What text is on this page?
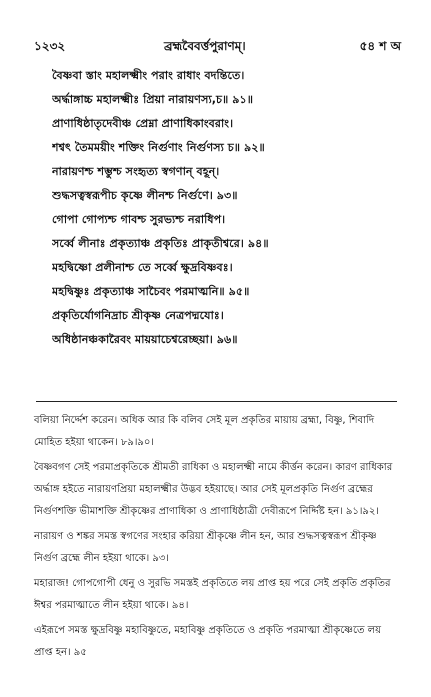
১২৩২	ব্রহ্মবৈবর্ত্তপুরাণম্।	৫৪ শ অ
বৈষ্ণবা স্তাং মহালক্ষ্মীং পরাং রাধাং বদন্তিতে।
অর্দ্ধাঙ্গাচ্চ মহালক্ষ্মীঃ প্রিয়া নারায়ণস্য,চ॥ ৯১॥
প্রাণাধিষ্ঠাতৃদেবীঞ্চ প্রেম্না প্রাণাধিকাংবরাং।
শশ্বৎ তৈমময়ীং শক্তিং নির্গুণাং নির্গুণস্য চ॥ ৯২॥
নারায়ণশ্চ শম্ভুশ্চ সংহৃত্য স্বগণান্ বহূন্।
শুদ্ধসত্বস্বরূপীচ কৃষ্ণে লীনশ্চ নির্গুণে। ৯৩॥
গোপা গোপ্যশ্চ গাবশ্চ সুরভ্যশ্চ নরাধিপ।
সর্ব্বে লীনাঃ প্রকৃত্যাঞ্চ প্রকৃতিঃ প্রাকৃতীশ্বরে। ৯৪॥
মহদ্বিষ্ণো প্রলীনাশ্চ তে সর্ব্বে ক্ষুদ্রবিষ্ণবঃ।
মহদ্বিষ্ণুঃ প্রকৃত্যাঞ্চ সাচৈবং পরমাত্মনি॥ ৯৫॥
প্রকৃতির্যোগনিদ্রাচ শ্রীকৃষ্ণ নেত্রপদ্মযোঃ।
অধিষ্ঠানঞ্চকারৈবং মায়য়াচেশ্বরেচ্ছয়া। ৯৬॥

বলিয়া নির্দ্দেশ করেন। অধিক আর কি বলিব সেই মূল প্রকৃতির মায়ায় ব্রহ্মা, বিষ্ণু, শিবাদি মোহিত হইয়া থাকেন। ৮৯।৯০।

বৈষ্ণবগণ সেই পরমাপ্রকৃতিকে শ্রীমতী রাধিকা ও মহালক্ষ্মী নামে কীর্ত্তন করেন। কারণ রাধিকার অর্দ্ধাঙ্গ হইতে নারায়ণপ্রিয়া মহালক্ষ্মীর উদ্ভব হইয়াছে। আর সেই মূলপ্রকৃতি নির্গুণ ব্রহ্মের নির্গুণশক্তি ভীমাশক্তি শ্রীকৃষ্ণের প্রাণাধিকা ও প্রাণাধিষ্ঠাত্রী দেবীরূপে নির্দ্দিষ্ট হন। ৯১।৯২।

নারায়ণ ও শঙ্কর সমস্ত স্বগণের সংহার করিয়া শ্রীকৃষ্ণে লীন হন, আর শুদ্ধসত্বস্বরূপ শ্রীকৃষ্ণ নির্গুণ ব্রহ্মে লীন হইয়া থাকে। ৯৩।

মহারাজ! গোপগোপী ধেনু ও সুরভি সমস্তই প্রকৃতিতে লয় প্রাপ্ত হয় পরে সেই প্রকৃতি প্রকৃতির ঈশ্বর পরমাত্মাতে লীন হইয়া থাকে। ৯৪।

এইরূপে সমস্ত ক্ষুদ্রবিষ্ণু মহাবিষ্ণুতে, মহাবিষ্ণু প্রকৃতিতে ও প্রকৃতি পরমাত্মা শ্রীকৃষ্ণেতে লয় প্রাপ্ত হন। ৯৫
